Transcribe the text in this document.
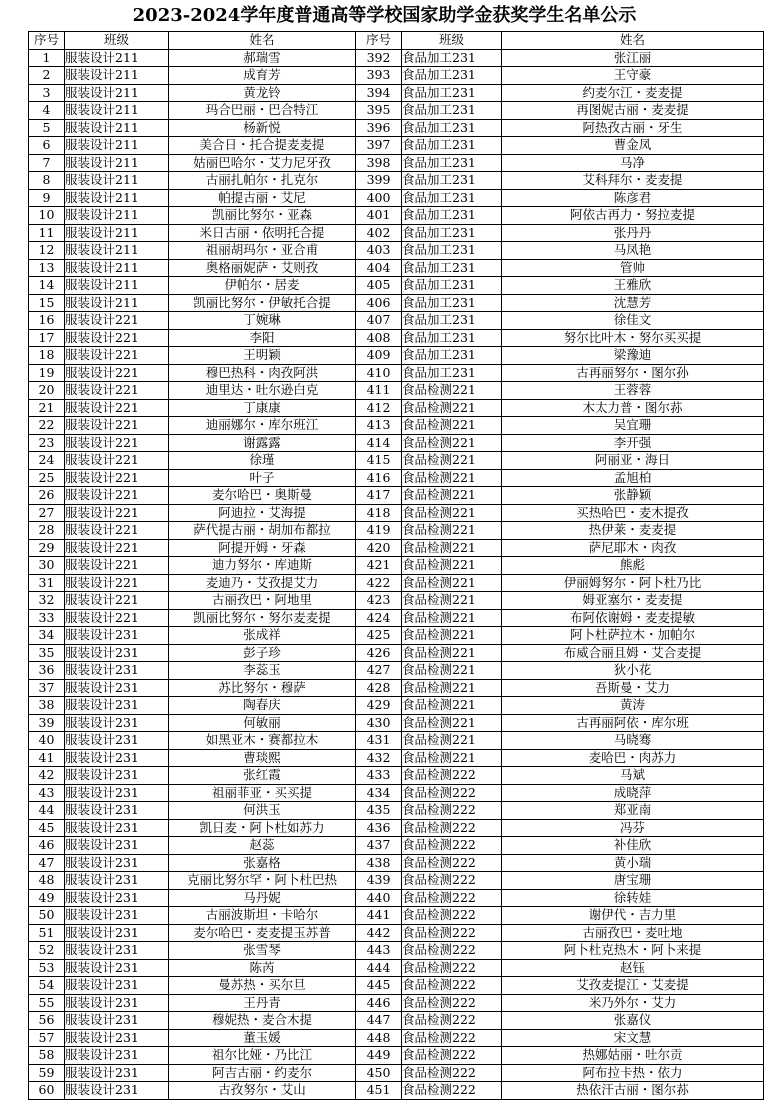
2023-2024学年度普通高等学校国家助学金获奖学生名单公示
序号	班级	姓名	序号	班级	姓名
1	服装设计211	郝瑞雪	392	食品加工231	张江丽
2	服装设计211	成育芳	393	食品加工231	王守豪
3	服装设计211	黄龙铃	394	食品加工231	约麦尔江・麦麦提
4	服装设计211	玛合巴丽・巴合特江	395	食品加工231	再图妮古丽・麦麦提
5	服装设计211	杨新悦	396	食品加工231	阿热孜古丽・牙生
6	服装设计211	美合日・托合提麦麦提	397	食品加工231	曹金凤
7	服装设计211	姑丽巴哈尔・艾力尼牙孜	398	食品加工231	马净
8	服装设计211	古丽扎帕尔・扎克尔	399	食品加工231	艾科拜尔・麦麦提
9	服装设计211	帕提古丽・艾尼	400	食品加工231	陈彦君
10	服装设计211	凯丽比努尔・亚森	401	食品加工231	阿依古再力・努拉麦提
11	服装设计211	米日古丽・依明托合提	402	食品加工231	张丹丹
12	服装设计211	祖丽胡玛尔・亚合甫	403	食品加工231	马凤艳
13	服装设计211	奥格丽妮萨・艾则孜	404	食品加工231	管帅
14	服装设计211	伊帕尔・居麦	405	食品加工231	王雅欣
15	服装设计211	凯丽比努尔・伊敏托合提	406	食品加工231	沈慧芳
16	服装设计221	丁婉琳	407	食品加工231	徐佳文
17	服装设计221	李阳	408	食品加工231	努尔比叶木・努尔买买提
18	服装设计221	王明颖	409	食品加工231	梁豫迪
19	服装设计221	穆巴热科・肉孜阿洪	410	食品加工231	古再丽努尔・图尔孙
20	服装设计221	迪里达・吐尔逊白克	411	食品检测221	王蓉蓉
21	服装设计221	丁康康	412	食品检测221	木太力普・图尔荪
22	服装设计221	迪丽娜尔・库尔班江	413	食品检测221	吴宜珊
23	服装设计221	谢露露	414	食品检测221	李开强
24	服装设计221	徐瑾	415	食品检测221	阿丽亚・海日
25	服装设计221	叶子	416	食品检测221	孟旭柏
26	服装设计221	麦尔哈巴・奥斯曼	417	食品检测221	张静颖
27	服装设计221	阿迪拉・艾海提	418	食品检测221	买热哈巴・麦木提孜
28	服装设计221	萨代提古丽・胡加布都拉	419	食品检测221	热伊莱・麦麦提
29	服装设计221	阿提开姆・牙森	420	食品检测221	萨尼耶木・肉孜
30	服装设计221	迪力努尔・库迪斯	421	食品检测221	熊彪
31	服装设计221	麦迪乃・艾孜提艾力	422	食品检测221	伊丽姆努尔・阿卜杜乃比
32	服装设计221	古丽孜巴・阿地里	423	食品检测221	姆亚塞尔・麦麦提
33	服装设计221	凯丽比努尔・努尔麦麦提	424	食品检测221	布阿依谢姆・麦麦提敏
34	服装设计231	张成祥	425	食品检测221	阿卜杜萨拉木・加帕尔
35	服装设计231	彭子珍	426	食品检测221	布威合丽且姆・艾合麦提
36	服装设计231	李蕊玉	427	食品检测221	狄小花
37	服装设计231	苏比努尔・穆萨	428	食品检测221	吾斯曼・艾力
38	服装设计231	陶春庆	429	食品检测221	黄涛
39	服装设计231	何敏丽	430	食品检测221	古再丽阿依・库尔班
40	服装设计231	如黑亚木・赛都拉木	431	食品检测221	马晓骞
41	服装设计231	曹琰熙	432	食品检测221	麦哈巴・肉苏力
42	服装设计231	张红霞	433	食品检测222	马斌
43	服装设计231	祖丽菲亚・买买提	434	食品检测222	成晓萍
44	服装设计231	何洪玉	435	食品检测222	郑亚南
45	服装设计231	凯日麦・阿卜杜如苏力	436	食品检测222	冯芬
46	服装设计231	赵蕊	437	食品检测222	补佳欣
47	服装设计231	张嘉格	438	食品检测222	黄小瑞
48	服装设计231	克丽比努尔罕・阿卜杜巴热	439	食品检测222	唐宝珊
49	服装设计231	马丹妮	440	食品检测222	徐转娃
50	服装设计231	古丽波斯坦・卡哈尔	441	食品检测222	谢伊代・吉力里
51	服装设计231	麦尔哈巴・麦麦提玉苏普	442	食品检测222	古丽孜巴・麦吐地
52	服装设计231	张雪琴	443	食品检测222	阿卜杜克热木・阿卜来提
53	服装设计231	陈芮	444	食品检测222	赵钰
54	服装设计231	曼苏热・买尔旦	445	食品检测222	艾孜麦提江・艾麦提
55	服装设计231	王丹青	446	食品检测222	米乃外尔・艾力
56	服装设计231	穆妮热・麦合木提	447	食品检测222	张嘉仪
57	服装设计231	董玉媛	448	食品检测222	宋文慧
58	服装设计231	祖尔比娅・乃比江	449	食品检测222	热娜姑丽・吐尔贡
59	服装设计231	阿吉古丽・约麦尔	450	食品检测222	阿布拉卡热・依力
60	服装设计231	古孜努尔・艾山	451	食品检测222	热依汗古丽・图尔荪
